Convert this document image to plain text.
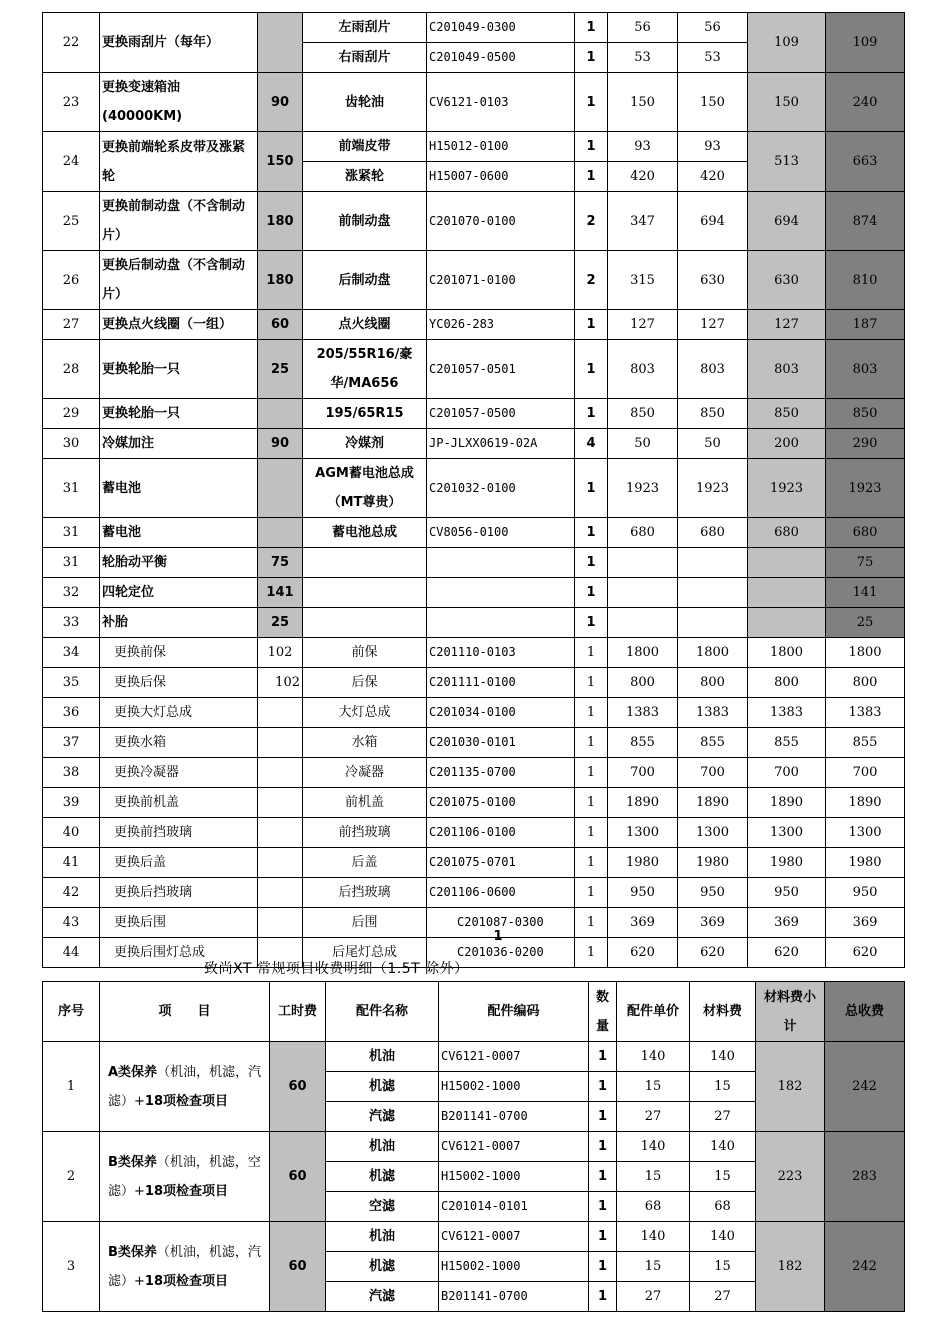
22	更换雨刮片（每年）		左雨刮片	C201049-0300	1	56	56	109	109
			右雨刮片	C201049-0500	1	53	53		
23	更换变速箱油(40000KM)	90	齿轮油	CV6121-0103	1	150	150	150	240
24	更换前端轮系皮带及涨紧轮	150	前端皮带	H15012-0100	1	93	93	513	663
			涨紧轮	H15007-0600	1	420	420		
25	更换前制动盘（不含制动片）	180	前制动盘	C201070-0100	2	347	694	694	874
26	更换后制动盘（不含制动片）	180	后制动盘	C201071-0100	2	315	630	630	810
27	更换点火线圈（一组）	60	点火线圈	YC026-283	1	127	127	127	187
28	更换轮胎一只	25	205/55R16/豪华/MA656	C201057-0501	1	803	803	803	803
29	更换轮胎一只		195/65R15	C201057-0500	1	850	850	850	850
30	冷媒加注	90	冷媒剂	JP-JLXX0619-02A	4	50	50	200	290
31	蓄电池		AGM蓄电池总成（MT尊贵）	C201032-0100	1	1923	1923	1923	1923
31	蓄电池		蓄电池总成	CV8056-0100	1	680	680	680	680
31	轮胎动平衡	75			1				75
32	四轮定位	141			1				141
33	补胎	25			1				25
34	更换前保	102	前保	C201110-0103	1	1800	1800	1800	1800
35	更换后保	102	后保	C201111-0100	1	800	800	800	800
36	更换大灯总成		大灯总成	C201034-0100	1	1383	1383	1383	1383
37	更换水箱		水箱	C201030-0101	1	855	855	855	855
38	更换冷凝器		冷凝器	C201135-0700	1	700	700	700	700
39	更换前机盖		前机盖	C201075-0100	1	1890	1890	1890	1890
40	更换前挡玻璃		前挡玻璃	C201106-0100	1	1300	1300	1300	1300
41	更换后盖		后盖	C201075-0701	1	1980	1980	1980	1980
42	更换后挡玻璃		后挡玻璃	C201106-0600	1	950	950	950	950
43	更换后围		后围	C201087-0300	1	369	369	369	369
44	更换后围灯总成		后尾灯总成	C201036-0200	1	620	620	620	620
1
致尚XT 常规项目收费明细（1.5T 除外）
序号	项　　目	工时费	配件名称	配件编码	数量	配件单价	材料费	材料费小计	总收费
1	A类保养（机油，机滤，汽滤）+18项检查项目	60	机油	CV6121-0007	1	140	140	182	242
			机滤	H15002-1000	1	15	15		
			汽滤	B201141-0700	1	27	27		
2	B类保养（机油，机滤，空滤）+18项检查项目	60	机油	CV6121-0007	1	140	140	223	283
			机滤	H15002-1000	1	15	15		
			空滤	C201014-0101	1	68	68		
3	B类保养（机油，机滤，汽滤）+18项检查项目	60	机油	CV6121-0007	1	140	140	182	242
			机滤	H15002-1000	1	15	15		
			汽滤	B201141-0700	1	27	27		
